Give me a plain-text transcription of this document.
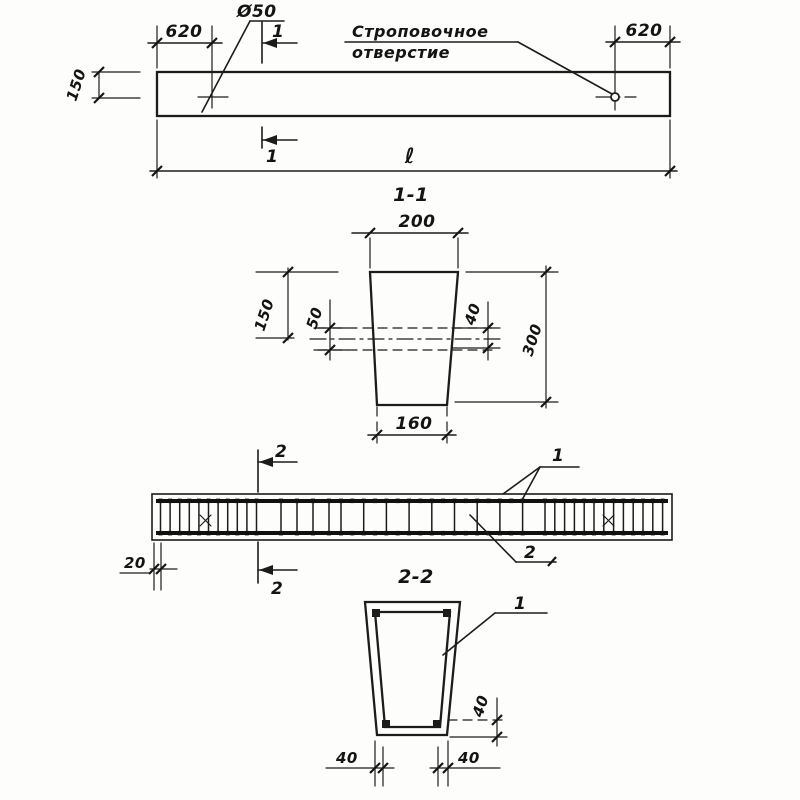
Ø50
620	1	Строповочное
отверстие
620
150
ℓ
1
1-1
200
150 50	40
300
160
2
2
20
1
2
2-2
1
40
40	40
